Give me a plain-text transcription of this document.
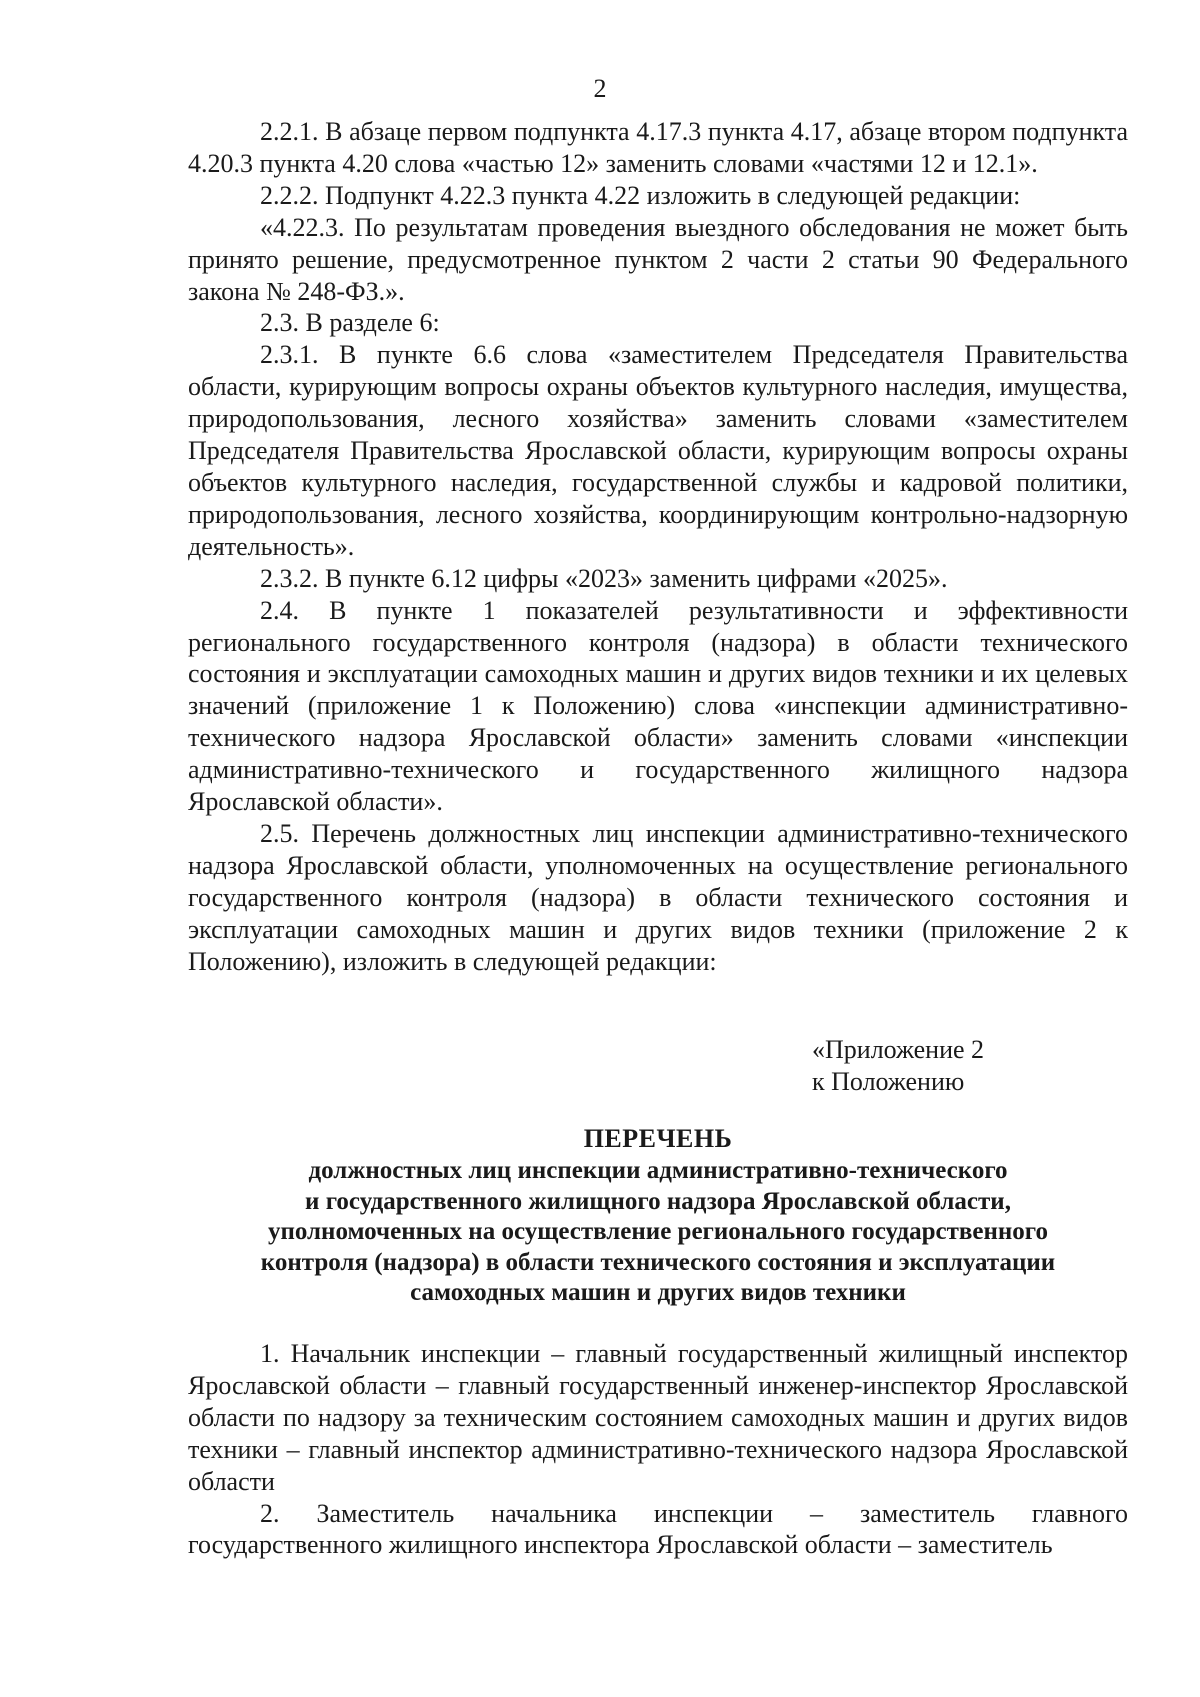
2

2.2.1. В абзаце первом подпункта 4.17.3 пункта 4.17, абзаце втором подпункта 4.20.3 пункта 4.20 слова «частью 12» заменить словами «частями 12 и 12.1».

2.2.2. Подпункт 4.22.3 пункта 4.22 изложить в следующей редакции:

«4.22.3. По результатам проведения выездного обследования не может быть принято решение, предусмотренное пунктом 2 части 2 статьи 90 Федерального закона № 248-ФЗ.».

2.3. В разделе 6:

2.3.1. В пункте 6.6 слова «заместителем Председателя Правительства области, курирующим вопросы охраны объектов культурного наследия, имущества, природопользования, лесного хозяйства» заменить словами «заместителем Председателя Правительства Ярославской области, курирующим вопросы охраны объектов культурного наследия, государственной службы и кадровой политики, природопользования, лесного хозяйства, координирующим контрольно-надзорную деятельность».

2.3.2. В пункте 6.12 цифры «2023» заменить цифрами «2025».

2.4. В пункте 1 показателей результативности и эффективности регионального государственного контроля (надзора) в области технического состояния и эксплуатации самоходных машин и других видов техники и их целевых значений (приложение 1 к Положению) слова «инспекции административно-технического надзора Ярославской области» заменить словами «инспекции административно-технического и государственного жилищного надзора Ярославской области».

2.5. Перечень должностных лиц инспекции административно-технического надзора Ярославской области, уполномоченных на осуществление регионального государственного контроля (надзора) в области технического состояния и эксплуатации самоходных машин и других видов техники (приложение 2 к Положению), изложить в следующей редакции:

«Приложение 2
к Положению
ПЕРЕЧЕНЬ
должностных лиц инспекции административно-технического
и государственного жилищного надзора Ярославской области,
уполномоченных на осуществление регионального государственного
контроля (надзора) в области технического состояния и эксплуатации
самоходных машин и других видов техники

1. Начальник инспекции – главный государственный жилищный инспектор Ярославской области – главный государственный инженер-инспектор Ярославской области по надзору за техническим состоянием самоходных машин и других видов техники – главный инспектор административно-технического надзора Ярославской области

2. Заместитель начальника инспекции – заместитель главного государственного жилищного инспектора Ярославской области – заместитель
